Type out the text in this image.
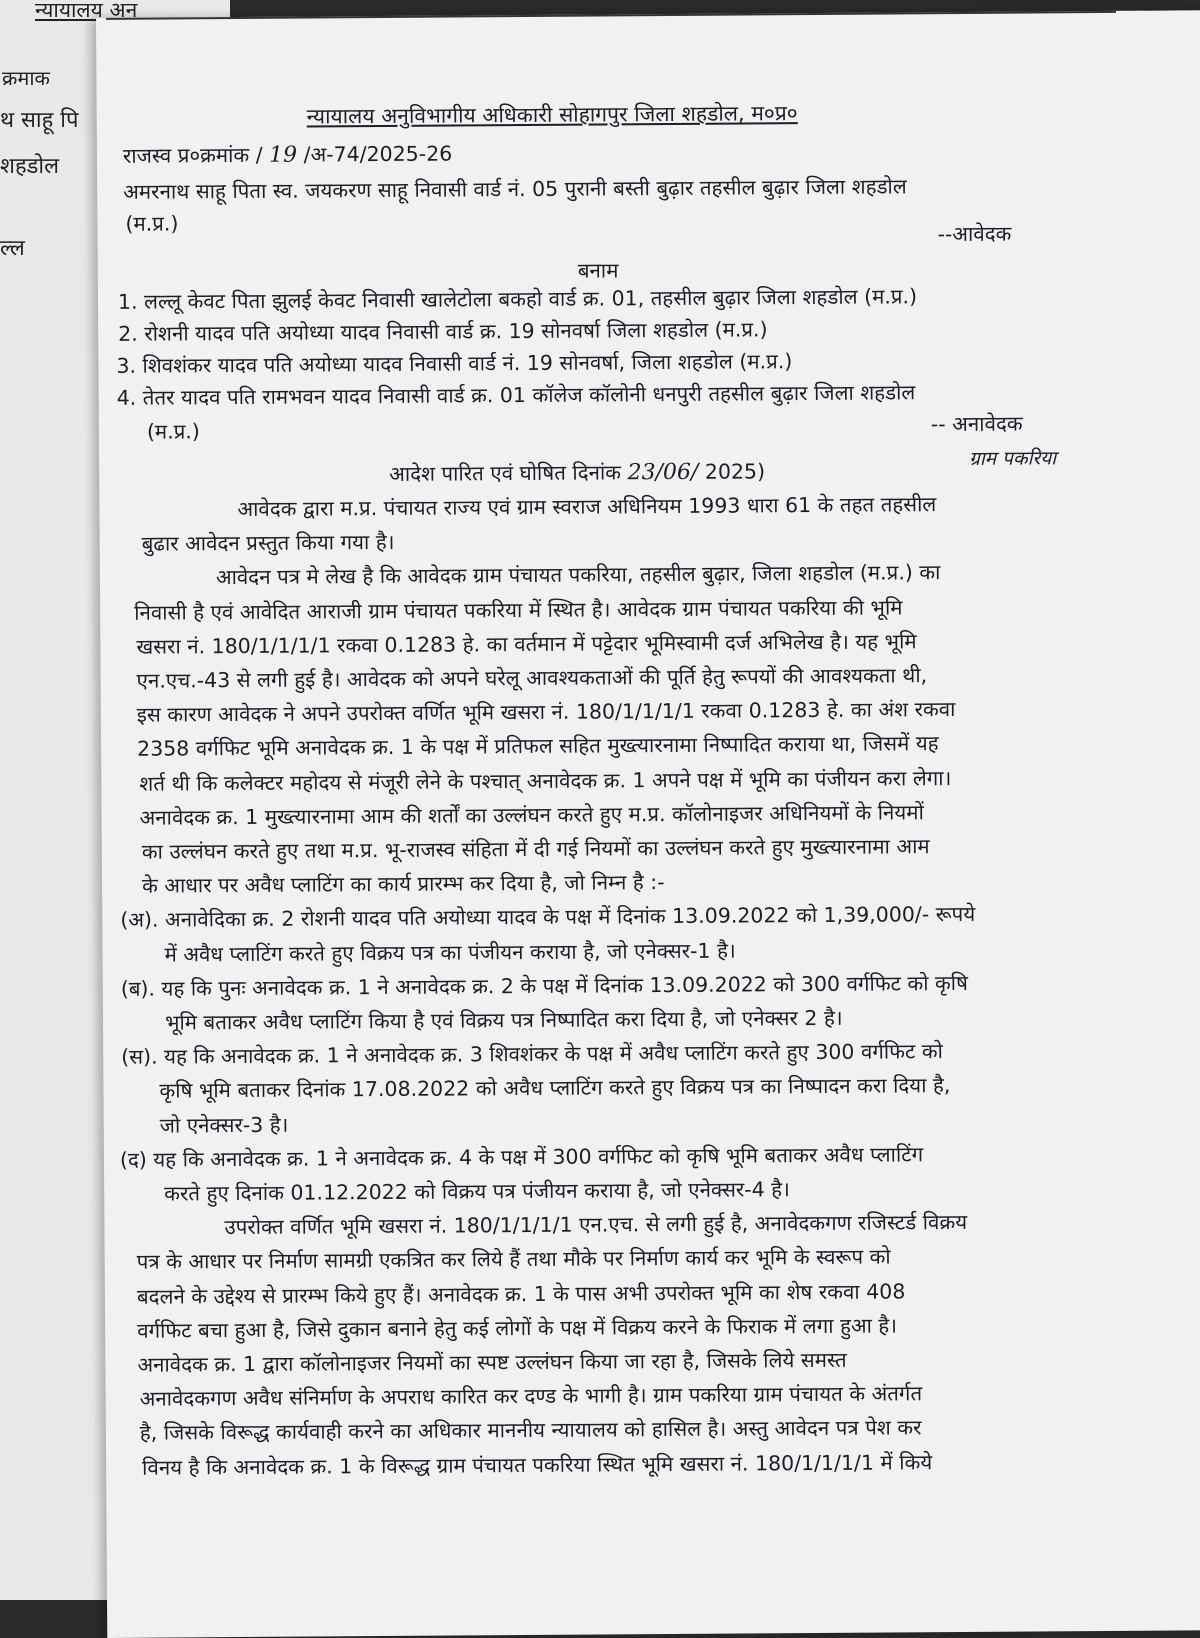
न्यायालय अन
क्रमाक
थ साहू पि
शहडोल
ल्ल
न्यायालय अनुविभागीय अधिकारी सोहागपुर जिला शहडोल, म०प्र०
राजस्व प्र०क्रमांक / 19 /अ-74/2025-26
अमरनाथ साहू पिता स्व. जयकरण साहू निवासी वार्ड नं. 05 पुरानी बस्ती बुढ़ार तहसील बुढ़ार जिला शहडोल
(म.प्र.)	--आवेदक
बनाम
1. लल्लू केवट पिता झुलई केवट निवासी खालेटोला बकहो वार्ड क्र. 01, तहसील बुढ़ार जिला शहडोल (म.प्र.)
2. रोशनी यादव पति अयोध्या यादव निवासी वार्ड क्र. 19 सोनवर्षा जिला शहडोल (म.प्र.)
3. शिवशंकर यादव पति अयोध्या यादव निवासी वार्ड नं. 19 सोनवर्षा, जिला शहडोल (म.प्र.)
4. तेतर यादव पति रामभवन यादव निवासी वार्ड क्र. 01 कॉलेज कॉलोनी धनपुरी तहसील बुढ़ार जिला शहडोल
(म.प्र.)	-- अनावेदक
आदेश पारित एवं घोषित दिनांक 23/06/ 2025)
ग्राम पकरिया
आवेदक द्वारा म.प्र. पंचायत राज्य एवं ग्राम स्वराज अधिनियम 1993 धारा 61 के तहत तहसील
बुढार आवेदन प्रस्तुत किया गया है।
आवेदन पत्र मे लेख है कि आवेदक ग्राम पंचायत पकरिया, तहसील बुढ़ार, जिला शहडोल (म.प्र.) का
निवासी है एवं आवेदित आराजी ग्राम पंचायत पकरिया में स्थित है। आवेदक ग्राम पंचायत पकरिया की भूमि
खसरा नं. 180/1/1/1/1 रकवा 0.1283 हे. का वर्तमान में पट्टेदार भूमिस्वामी दर्ज अभिलेख है। यह भूमि
एन.एच.-43 से लगी हुई है। आवेदक को अपने घरेलू आवश्यकताओं की पूर्ति हेतु रूपयों की आवश्यकता थी,
इस कारण आवेदक ने अपने उपरोक्त वर्णित भूमि खसरा नं. 180/1/1/1/1 रकवा 0.1283 हे. का अंश रकवा
2358 वर्गफिट भूमि अनावेदक क्र. 1 के पक्ष में प्रतिफल सहित मुख्त्यारनामा निष्पादित कराया था, जिसमें यह
शर्त थी कि कलेक्टर महोदय से मंजूरी लेने के पश्चात् अनावेदक क्र. 1 अपने पक्ष में भूमि का पंजीयन करा लेगा।
अनावेदक क्र. 1 मुख्त्यारनामा आम की शर्तों का उल्लंघन करते हुए म.प्र. कॉलोनाइजर अधिनियमों के नियमों
का उल्लंघन करते हुए तथा म.प्र. भू-राजस्व संहिता में दी गई नियमों का उल्लंघन करते हुए मुख्त्यारनामा आम
के आधार पर अवैध प्लाटिंग का कार्य प्रारम्भ कर दिया है, जो निम्न है :-
(अ). अनावेदिका क्र. 2 रोशनी यादव पति अयोध्या यादव के पक्ष में दिनांक 13.09.2022 को 1,39,000/- रूपये
में अवैध प्लाटिंग करते हुए विक्रय पत्र का पंजीयन कराया है, जो एनेक्सर-1 है।
(ब). यह कि पुनः अनावेदक क्र. 1 ने अनावेदक क्र. 2 के पक्ष में दिनांक 13.09.2022 को 300 वर्गफिट को कृषि
भूमि बताकर अवैध प्लाटिंग किया है एवं विक्रय पत्र निष्पादित करा दिया है, जो एनेक्सर 2 है।
(स). यह कि अनावेदक क्र. 1 ने अनावेदक क्र. 3 शिवशंकर के पक्ष में अवैध प्लाटिंग करते हुए 300 वर्गफिट को
कृषि भूमि बताकर दिनांक 17.08.2022 को अवैध प्लाटिंग करते हुए विक्रय पत्र का निष्पादन करा दिया है,
जो एनेक्सर-3 है।
(द) यह कि अनावेदक क्र. 1 ने अनावेदक क्र. 4 के पक्ष में 300 वर्गफिट को कृषि भूमि बताकर अवैध प्लाटिंग
करते हुए दिनांक 01.12.2022 को विक्रय पत्र पंजीयन कराया है, जो एनेक्सर-4 है।
उपरोक्त वर्णित भूमि खसरा नं. 180/1/1/1/1 एन.एच. से लगी हुई है, अनावेदकगण रजिस्टर्ड विक्रय
पत्र के आधार पर निर्माण सामग्री एकत्रित कर लिये हैं तथा मौके पर निर्माण कार्य कर भूमि के स्वरूप को
बदलने के उद्देश्य से प्रारम्भ किये हुए हैं। अनावेदक क्र. 1 के पास अभी उपरोक्त भूमि का शेष रकवा 408
वर्गफिट बचा हुआ है, जिसे दुकान बनाने हेतु कई लोगों के पक्ष में विक्रय करने के फिराक में लगा हुआ है।
अनावेदक क्र. 1 द्वारा कॉलोनाइजर नियमों का स्पष्ट उल्लंघन किया जा रहा है, जिसके लिये समस्त
अनावेदकगण अवैध संनिर्माण के अपराध कारित कर दण्ड के भागी है। ग्राम पकरिया ग्राम पंचायत के अंतर्गत
है, जिसके विरूद्ध कार्यवाही करने का अधिकार माननीय न्यायालय को हासिल है। अस्तु आवेदन पत्र पेश कर
विनय है कि अनावेदक क्र. 1 के विरूद्ध ग्राम पंचायत पकरिया स्थित भूमि खसरा नं. 180/1/1/1/1 में किये
